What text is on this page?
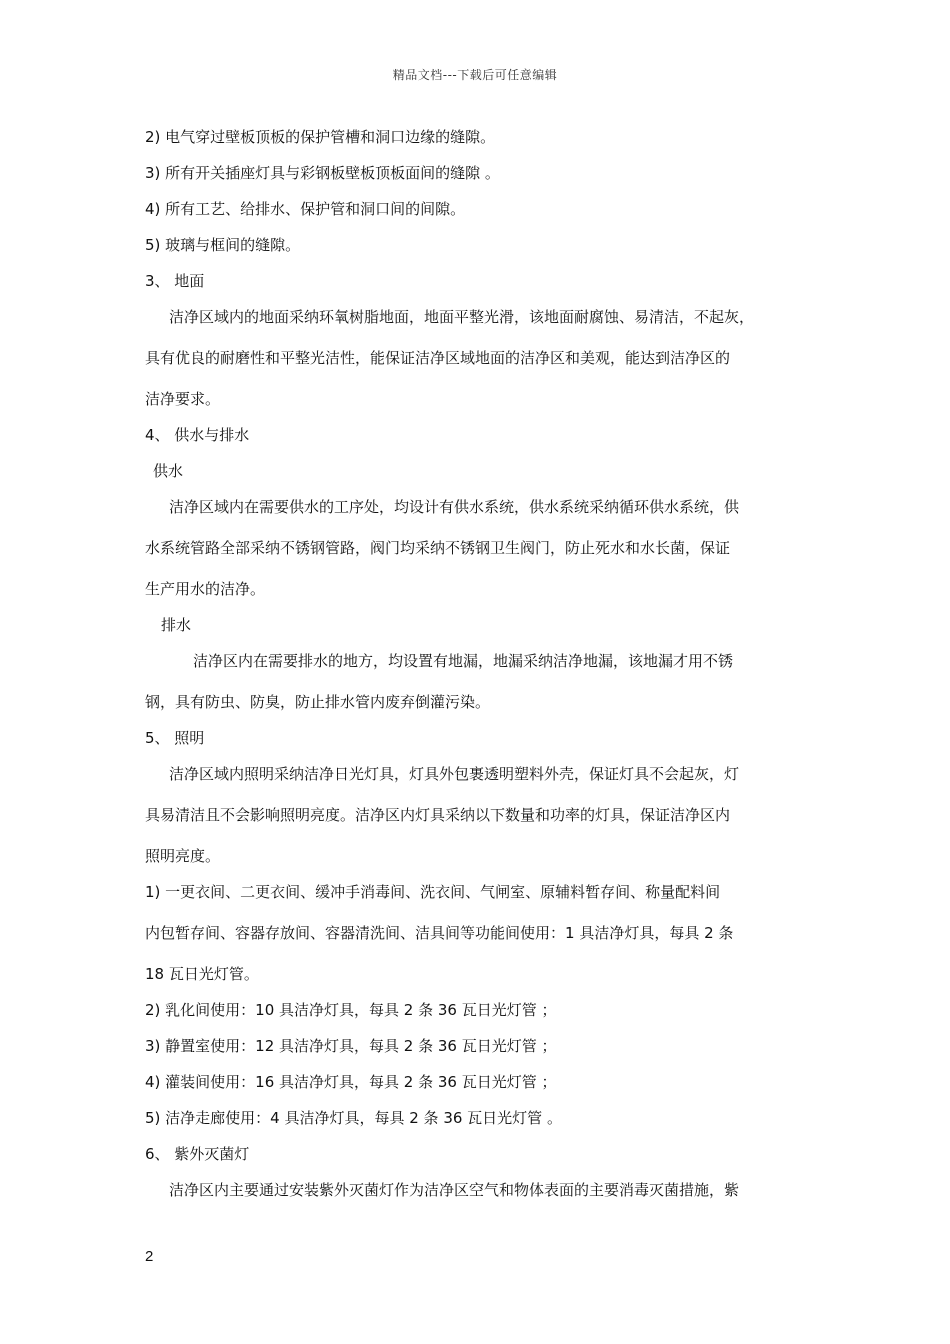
精品文档---下载后可任意编辑
2) 电气穿过壁板顶板的保护管槽和洞口边缘的缝隙。
3) 所有开关插座灯具与彩钢板壁板顶板面间的缝隙 。
4) 所有工艺、给排水、保护管和洞口间的间隙。
5) 玻璃与框间的缝隙。
3、 地面
洁净区域内的地面采纳环氧树脂地面，地面平整光滑，该地面耐腐蚀、易清洁，不起灰，
具有优良的耐磨性和平整光洁性，能保证洁净区域地面的洁净区和美观，能达到洁净区的
洁净要求。
4、 供水与排水
供水
洁净区域内在需要供水的工序处，均设计有供水系统，供水系统采纳循环供水系统，供
水系统管路全部采纳不锈钢管路，阀门均采纳不锈钢卫生阀门，防止死水和水长菌，保证
生产用水的洁净。
排水
洁净区内在需要排水的地方，均设置有地漏，地漏采纳洁净地漏，该地漏才用不锈
钢，具有防虫、防臭，防止排水管内废弃倒灌污染。
5、 照明
洁净区域内照明采纳洁净日光灯具，灯具外包裹透明塑料外壳，保证灯具不会起灰，灯
具易清洁且不会影响照明亮度。洁净区内灯具采纳以下数量和功率的灯具，保证洁净区内
照明亮度。
1) 一更衣间、二更衣间、缓冲手消毒间、洗衣间、气闸室、原辅料暂存间、称量配料间
内包暂存间、容器存放间、容器清洗间、洁具间等功能间使用：1 具洁净灯具，每具 2 条
18 瓦日光灯管。
2) 乳化间使用：10 具洁净灯具，每具 2 条 36 瓦日光灯管 ；
3) 静置室使用：12 具洁净灯具，每具 2 条 36 瓦日光灯管 ；
4) 灌装间使用：16 具洁净灯具，每具 2 条 36 瓦日光灯管 ；
5) 洁净走廊使用：4 具洁净灯具，每具 2 条 36 瓦日光灯管 。
6、 紫外灭菌灯
洁净区内主要通过安装紫外灭菌灯作为洁净区空气和物体表面的主要消毒灭菌措施，紫
2
